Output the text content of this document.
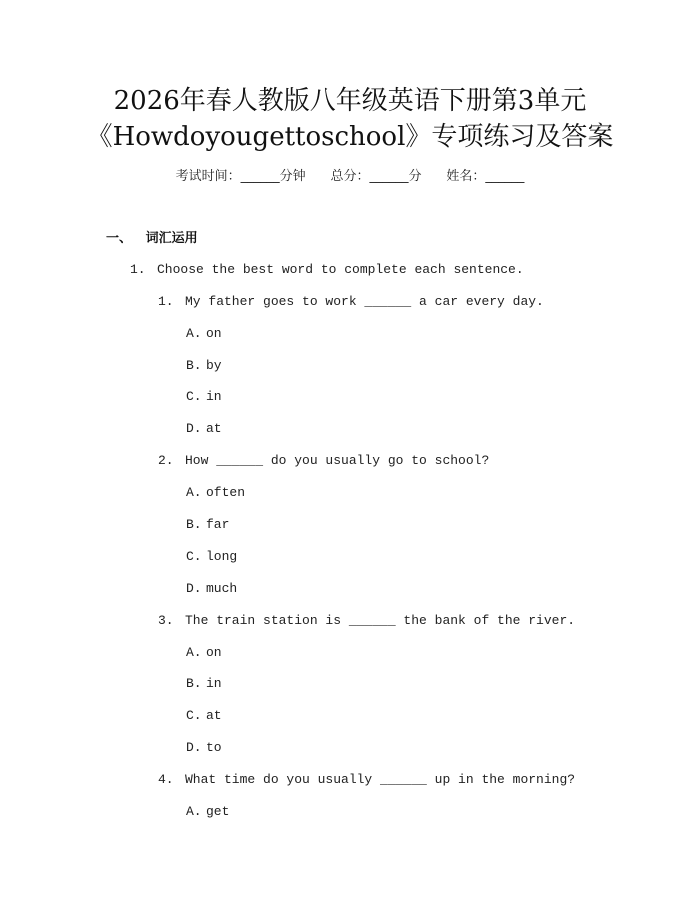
2026年春人教版八年级英语下册第3单元
《Howdoyougettoschool》专项练习及答案
考试时间：______分钟 总分：______分 姓名：______
一、 词汇运用
1. Choose the best word to complete each sentence.
1. My father goes to work ______ a car every day.
A. on
B. by
C. in
D. at
2. How ______ do you usually go to school?
A. often
B. far
C. long
D. much
3. The train station is ______ the bank of the river.
A. on
B. in
C. at
D. to
4. What time do you usually ______ up in the morning?
A. get
